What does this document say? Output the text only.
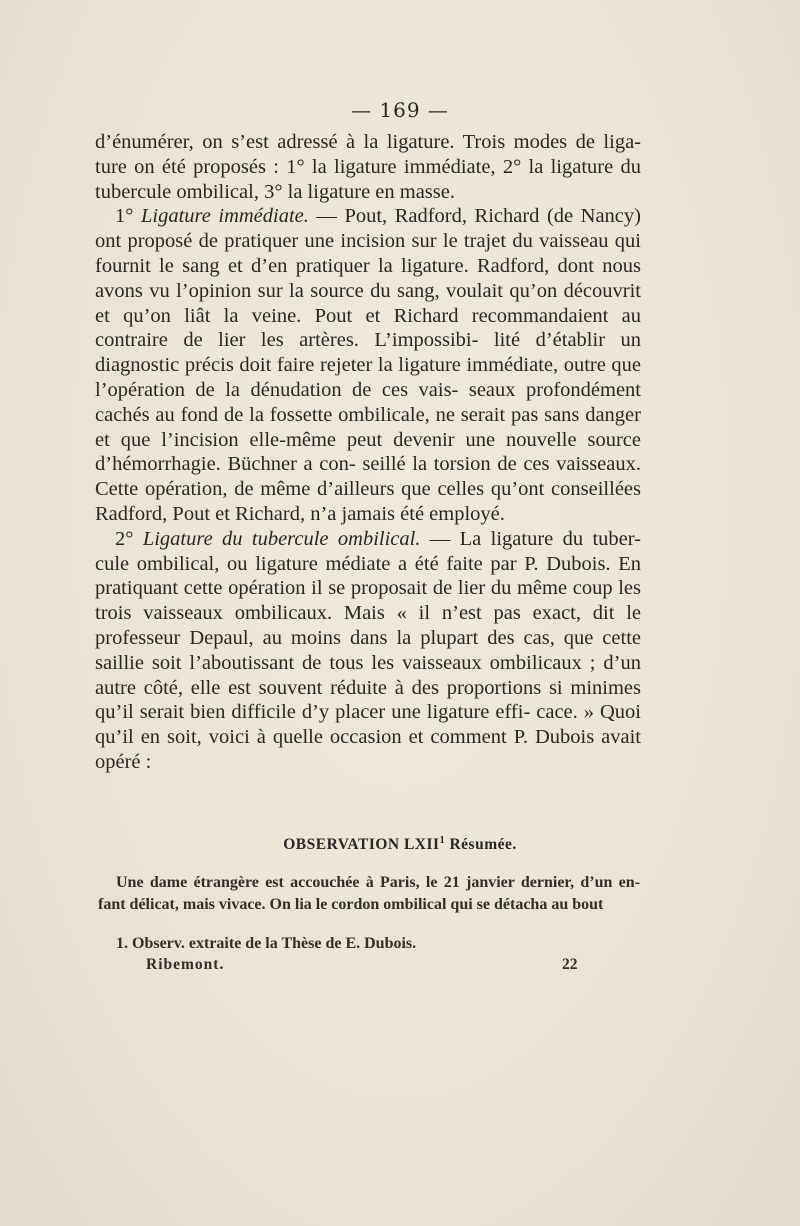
— 169 —

d’énumérer, on s’est adressé à la ligature. Trois modes de liga- ture on été proposés : 1° la ligature immédiate, 2° la ligature du tubercule ombilical, 3° la ligature en masse.

1° Ligature immédiate. — Pout, Radford, Richard (de Nancy) ont proposé de pratiquer une incision sur le trajet du vaisseau qui fournit le sang et d’en pratiquer la ligature. Radford, dont nous avons vu l’opinion sur la source du sang, voulait qu’on découvrit et qu’on liât la veine. Pout et Richard recommandaient au contraire de lier les artères. L’impossibi- lité d’établir un diagnostic précis doit faire rejeter la ligature immédiate, outre que l’opération de la dénudation de ces vais- seaux profondément cachés au fond de la fossette ombilicale, ne serait pas sans danger et que l’incision elle-même peut devenir une nouvelle source d’hémorrhagie. Büchner a con- seillé la torsion de ces vaisseaux. Cette opération, de même d’ailleurs que celles qu’ont conseillées Radford, Pout et Richard, n’a jamais été employé.

2° Ligature du tubercule ombilical. — La ligature du tuber- cule ombilical, ou ligature médiate a été faite par P. Dubois. En pratiquant cette opération il se proposait de lier du même coup les trois vaisseaux ombilicaux. Mais « il n’est pas exact, dit le professeur Depaul, au moins dans la plupart des cas, que cette saillie soit l’aboutissant de tous les vaisseaux ombilicaux ; d’un autre côté, elle est souvent réduite à des proportions si minimes qu’il serait bien difficile d’y placer une ligature effi- cace. » Quoi qu’il en soit, voici à quelle occasion et comment P. Dubois avait opéré :

OBSERVATION LXII$^1$ Résumée.

Une dame étrangère est accouchée à Paris, le 21 janvier dernier, d’un en- fant délicat, mais vivace. On lia le cordon ombilical qui se détacha au bout

1. Observ. extraite de la Thèse de E. Dubois.
Ribemont.	22
